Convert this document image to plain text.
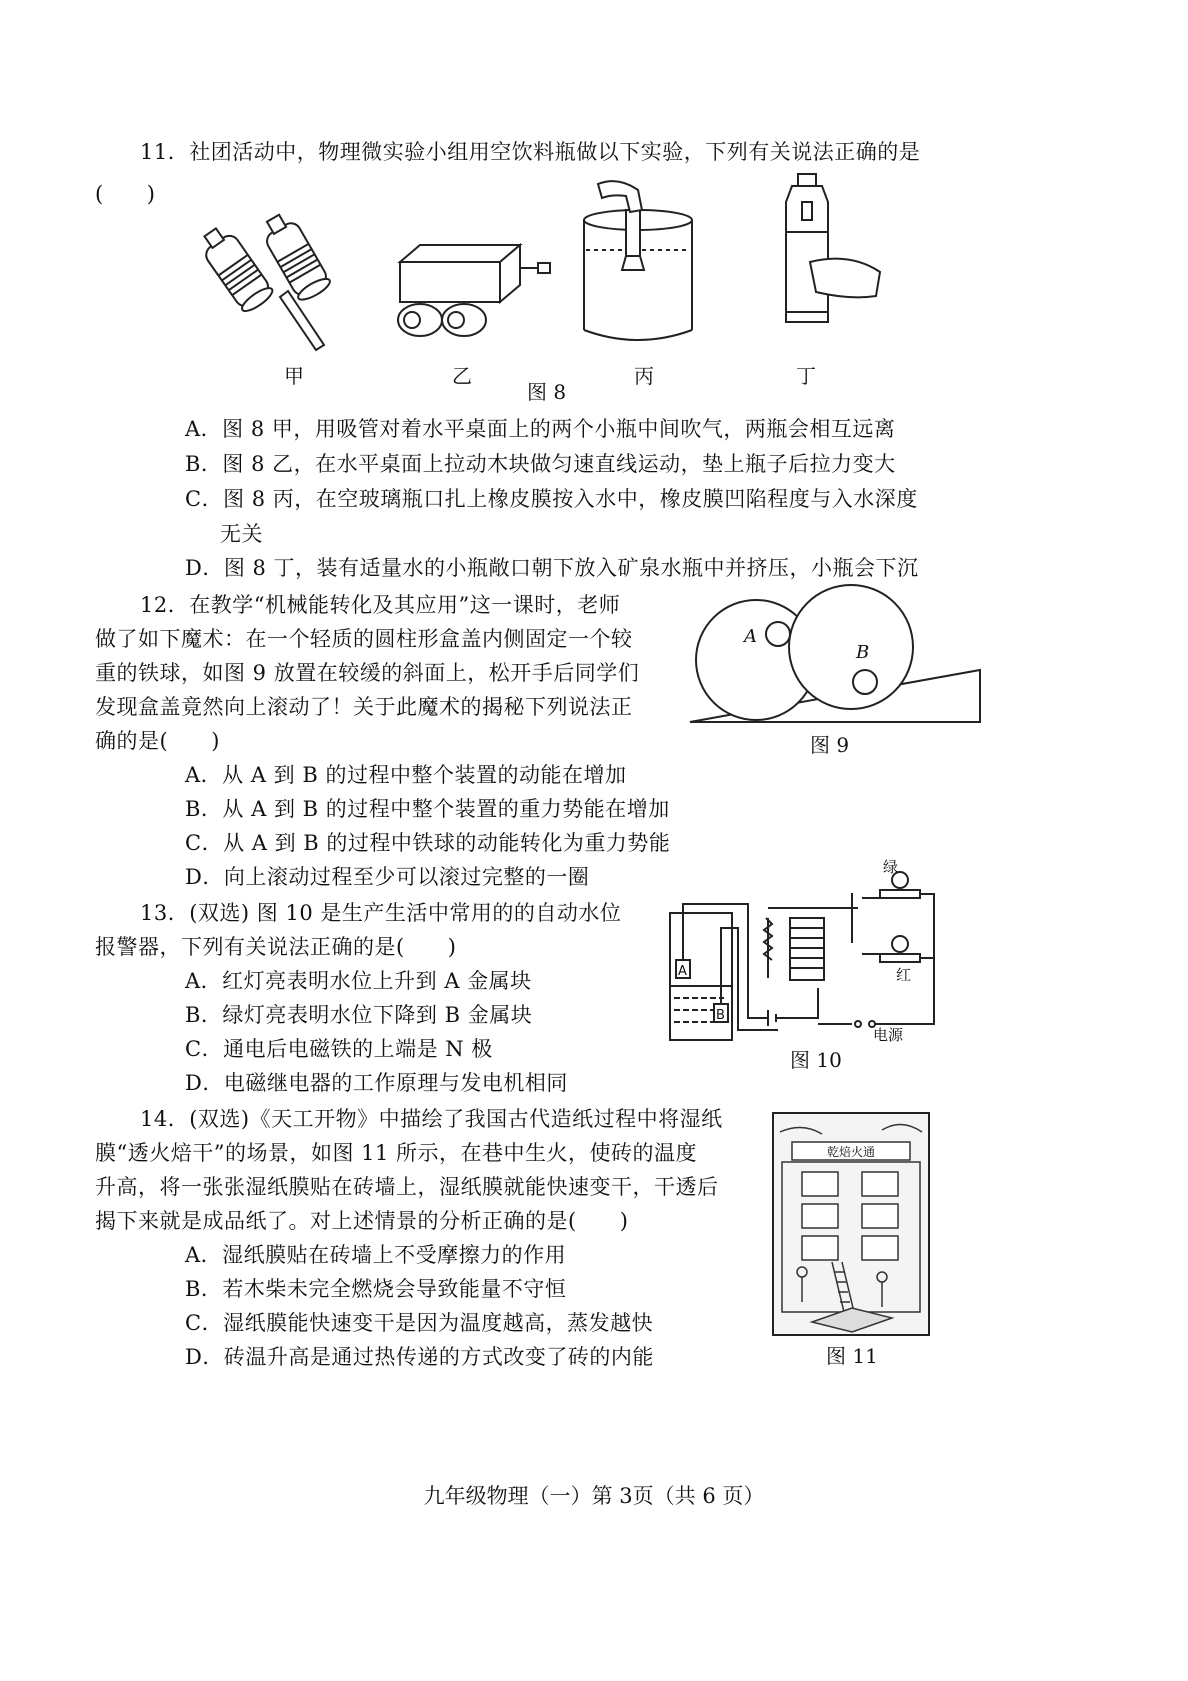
11．社团活动中，物理微实验小组用空饮料瓶做以下实验，下列有关说法正确的是
(　　)
甲	乙	丙	丁
图 8
A．图 8 甲，用吸管对着水平桌面上的两个小瓶中间吹气，两瓶会相互远离
B．图 8 乙，在水平桌面上拉动木块做匀速直线运动，垫上瓶子后拉力变大
C．图 8 丙，在空玻璃瓶口扎上橡皮膜按入水中，橡皮膜凹陷程度与入水深度
无关
D．图 8 丁，装有适量水的小瓶敞口朝下放入矿泉水瓶中并挤压，小瓶会下沉
12．在教学“机械能转化及其应用”这一课时，老师
做了如下魔术：在一个轻质的圆柱形盒盖内侧固定一个较
重的铁球，如图 9 放置在较缓的斜面上，松开手后同学们
发现盒盖竟然向上滚动了！关于此魔术的揭秘下列说法正
确的是(　　)
A
B
图 9
A．从 A 到 B 的过程中整个装置的动能在增加
B．从 A 到 B 的过程中整个装置的重力势能在增加
C．从 A 到 B 的过程中铁球的动能转化为重力势能
D．向上滚动过程至少可以滚过完整的一圈
13．(双选) 图 10 是生产生活中常用的的自动水位
报警器，下列有关说法正确的是(　　)
A
B
绿
红
电源
图 10
A．红灯亮表明水位上升到 A 金属块
B．绿灯亮表明水位下降到 B 金属块
C．通电后电磁铁的上端是 N 极
D．电磁继电器的工作原理与发电机相同
14．(双选)《天工开物》中描绘了我国古代造纸过程中将湿纸
膜“透火焙干”的场景，如图 11 所示，在巷中生火，使砖的温度
升高，将一张张湿纸膜贴在砖墙上，湿纸膜就能快速变干，干透后
揭下来就是成品纸了。对上述情景的分析正确的是(　　)
乾焙火通
图 11
A．湿纸膜贴在砖墙上不受摩擦力的作用
B．若木柴未完全燃烧会导致能量不守恒
C．湿纸膜能快速变干是因为温度越高，蒸发越快
D．砖温升高是通过热传递的方式改变了砖的内能
九年级物理（一）第 3页（共 6 页）
